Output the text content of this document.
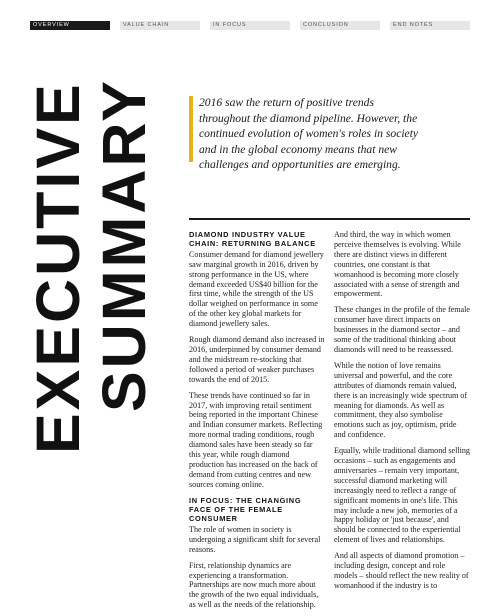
OVERVIEW	VALUE CHAIN	IN FOCUS	CONCLUSION	END NOTES
EXECUTIVE
SUMMARY	2016 saw the return of positive trends throughout the diamond pipeline. However, the continued evolution of women's roles in society and in the global economy means that new challenges and opportunities are emerging.
DIAMOND INDUSTRY VALUE CHAIN: RETURNING BALANCE

Consumer demand for diamond jewellery saw marginal growth in 2016, driven by strong performance in the US, where demand exceeded US$40 billion for the first time, while the strength of the US dollar weighed on performance in some of the other key global markets for diamond jewellery sales.

Rough diamond demand also increased in 2016, underpinned by consumer demand and the midstream re-stocking that followed a period of weaker purchases towards the end of 2015.

These trends have continued so far in 2017, with improving retail sentiment being reported in the important Chinese and Indian consumer markets. Reflecting more normal trading conditions, rough diamond sales have been steady so far this year, while rough diamond production has increased on the back of demand from cutting centres and new sources coming online.

IN FOCUS: THE CHANGING FACE OF THE FEMALE CONSUMER

The role of women in society is undergoing a significant shift for several reasons.

First, relationship dynamics are experiencing a transformation. Partnerships are now much more about the growth of the two equal individuals, as well as the needs of the relationship.

And third, the way in which women perceive themselves is evolving. While there are distinct views in different countries, one constant is that womanhood is becoming more closely associated with a sense of strength and empowerment.

These changes in the profile of the female consumer have direct impacts on businesses in the diamond sector – and some of the traditional thinking about diamonds will need to be reassessed.

While the notion of love remains universal and powerful, and the core attributes of diamonds remain valued, there is an increasingly wide spectrum of meaning for diamonds. As well as commitment, they also symbolise emotions such as joy, optimism, pride and confidence.

Equally, while traditional diamond selling occasions – such as engagements and anniversaries – remain very important, successful diamond marketing will increasingly need to reflect a range of significant moments in one's life. This may include a new job, memories of a happy holiday or 'just because', and should be connected to the experiential element of lives and relationships.

And all aspects of diamond promotion – including design, concept and role models – should reflect the new reality of womanhood if the industry is to
